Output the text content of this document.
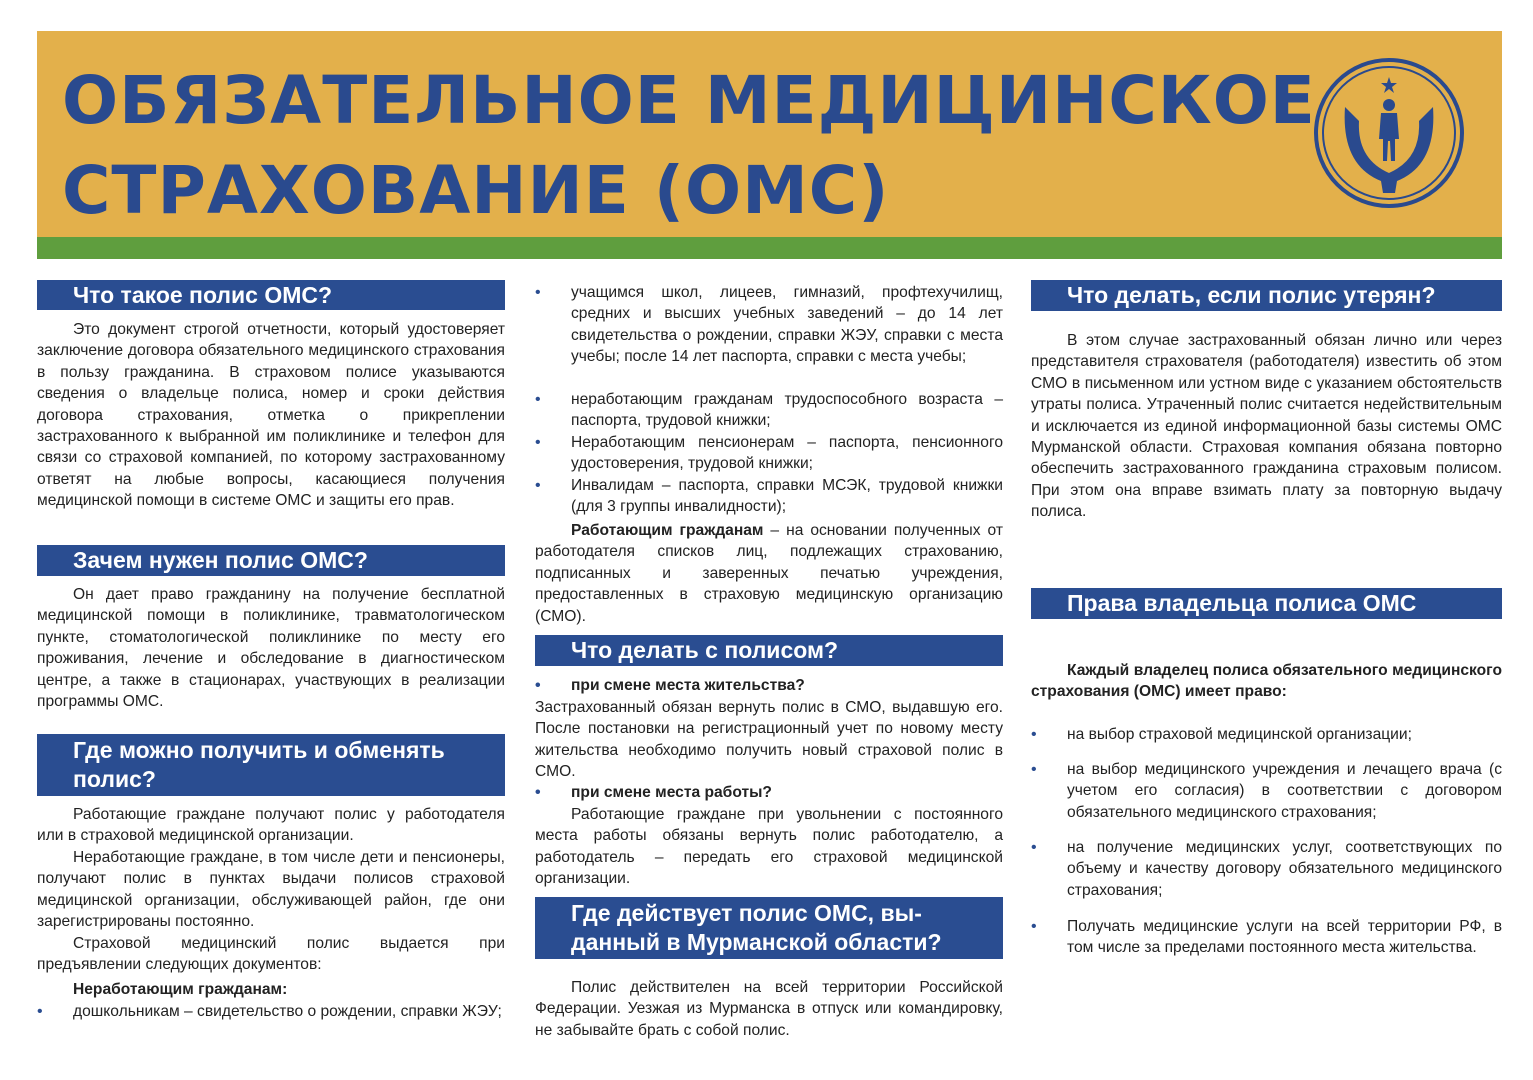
ОБЯЗАТЕЛЬНОЕ МЕДИЦИНСКОЕ
СТРАХОВАНИЕ (ОМС)
Что такое полис ОМС?

Это документ строгой отчетности, который удостоверяет заключение договора обязательного медицинского страхования в пользу гражданина. В страховом полисе указываются сведения о владельце полиса, номер и сроки действия договора страхования, отметка о прикреплении застрахованного к выбранной им поликлинике и телефон для связи со страховой компанией, по которому застрахованному ответят на любые вопросы, касающиеся получения медицинской помощи в системе ОМС и защиты его прав.

Зачем нужен полис ОМС?

Он дает право гражданину на получение бесплатной медицинской помощи в поликлинике, травматологическом пункте, стоматологической поликлинике по месту его проживания, лечение и обследование в диагностическом центре, а также в стационарах, участвующих в реализации программы ОМС.

Где можно получить и обменять
полис?

Работающие граждане получают полис у работодателя или в страховой медицинской организации.

Неработающие граждане, в том числе дети и пенсионеры, получают полис в пунктах выдачи полисов страховой медицинской организации, обслуживающей район, где они зарегистрированы постоянно.

Страховой медицинский полис выдается при предъявлении следующих документов:

Неработающим гражданам:

• дошкольникам – свидетельство о рождении, справки ЖЭУ;

• учащимся школ, лицеев, гимназий, профтехучилищ, средних и высших учебных заведений – до 14 лет свидетельства о рождении, справки ЖЭУ, справки с места учебы; после 14 лет паспорта, справки с места учебы;

• неработающим гражданам трудоспособного возраста – паспорта, трудовой книжки;

• Неработающим пенсионерам – паспорта, пенсионного удостоверения, трудовой книжки;

• Инвалидам – паспорта, справки МСЭК, трудовой книжки (для 3 группы инвалидности);

Работающим гражданам – на основании полученных от работодателя списков лиц, подлежащих страхованию, подписанных и заверенных печатью учреждения, предоставленных в страховую медицинскую организацию (СМО).

Что делать с полисом?

• при смене места жительства?

Застрахованный обязан вернуть полис в СМО, выдавшую его. После постановки на регистрационный учет по новому месту жительства необходимо получить новый страховой полис в СМО.

• при смене места работы?

Работающие граждане при увольнении с постоянного места работы обязаны вернуть полис работодателю, а работодатель – передать его страховой медицинской организации.

Где действует полис ОМС, вы-
данный в Мурманской области?

Полис действителен на всей территории Российской Федерации. Уезжая из Мурманска в отпуск или командировку, не забывайте брать с собой полис.

Что делать, если полис утерян?

В этом случае застрахованный обязан лично или через представителя страхователя (работодателя) известить об этом СМО в письменном или устном виде с указанием обстоятельств утраты полиса. Утраченный полис считается недействительным и исключается из единой информационной базы системы ОМС Мурманской области. Страховая компания обязана повторно обеспечить застрахованного гражданина страховым полисом. При этом она вправе взимать плату за повторную выдачу полиса.

Права владельца полиса ОМС

Каждый владелец полиса обязательного медицинского страхования (ОМС) имеет право:

• на выбор страховой медицинской организации;

• на выбор медицинского учреждения и лечащего врача (с учетом его согласия) в соответствии с договором обязательного медицинского страхования;

• на получение медицинских услуг, соответствующих по объему и качеству договору обязательного медицинского страхования;

• Получать медицинские услуги на всей территории РФ, в том числе за пределами постоянного места жительства.
